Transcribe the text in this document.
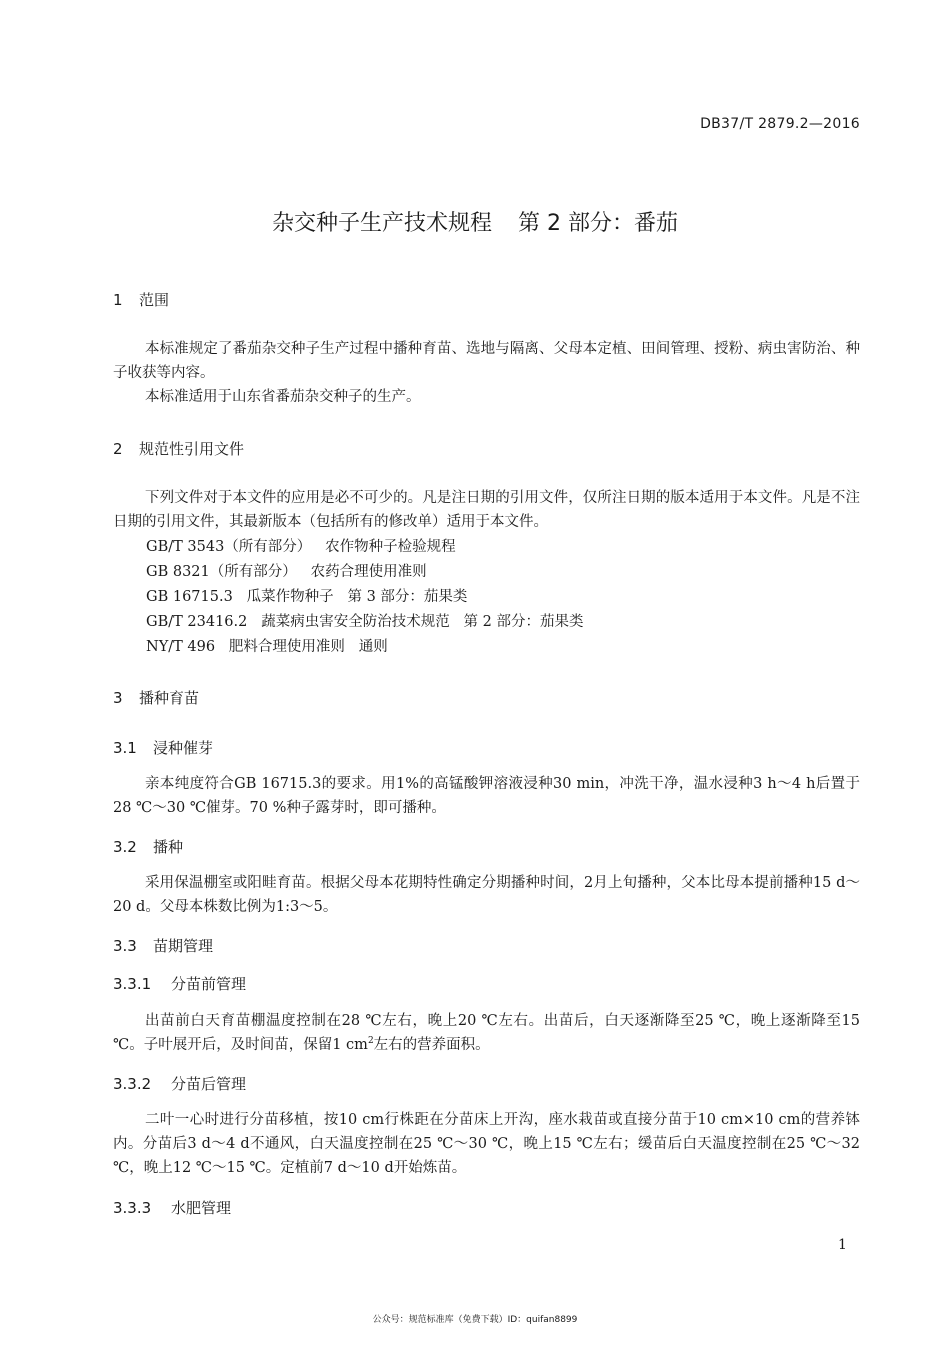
DB37/T 2879.2—2016
杂交种子生产技术规程 第 2 部分：番茄
1 范围
本标准规定了番茄杂交种子生产过程中播种育苗、选地与隔离、父母本定植、田间管理、授粉、病虫害防治、种子收获等内容。
本标准适用于山东省番茄杂交种子的生产。
2 规范性引用文件
下列文件对于本文件的应用是必不可少的。凡是注日期的引用文件，仅所注日期的版本适用于本文件。凡是不注日期的引用文件，其最新版本（包括所有的修改单）适用于本文件。
GB/T 3543（所有部分）   农作物种子检验规程
GB 8321（所有部分）   农药合理使用准则
GB 16715.3   瓜菜作物种子   第 3 部分：茄果类
GB/T 23416.2   蔬菜病虫害安全防治技术规范   第 2 部分：茄果类
NY/T 496   肥料合理使用准则   通则
3 播种育苗
3.1 浸种催芽
亲本纯度符合GB 16715.3的要求。用1%的高锰酸钾溶液浸种30 min，冲洗干净，温水浸种3 h～4 h后置于28 ℃～30 ℃催芽。70 %种子露芽时，即可播种。
3.2 播种
采用保温棚室或阳畦育苗。根据父母本花期特性确定分期播种时间，2月上旬播种，父本比母本提前播种15 d～20 d。父母本株数比例为1:3～5。
3.3 苗期管理
3.3.1 分苗前管理
出苗前白天育苗棚温度控制在28 ℃左右，晚上20 ℃左右。出苗后，白天逐渐降至25 ℃，晚上逐渐降至15 ℃。子叶展开后，及时间苗，保留1 $cm^2$左右的营养面积。
3.3.2 分苗后管理
二叶一心时进行分苗移植，按10 cm行株距在分苗床上开沟，座水栽苗或直接分苗于10 cm×10 cm的营养钵内。分苗后3 d～4 d不通风，白天温度控制在25 ℃～30 ℃，晚上15 ℃左右；缓苗后白天温度控制在25 ℃～32 ℃，晚上12 ℃～15 ℃。定植前7 d～10 d开始炼苗。
3.3.3 水肥管理
1
公众号：规范标准库（免费下载）ID：quifan8899
